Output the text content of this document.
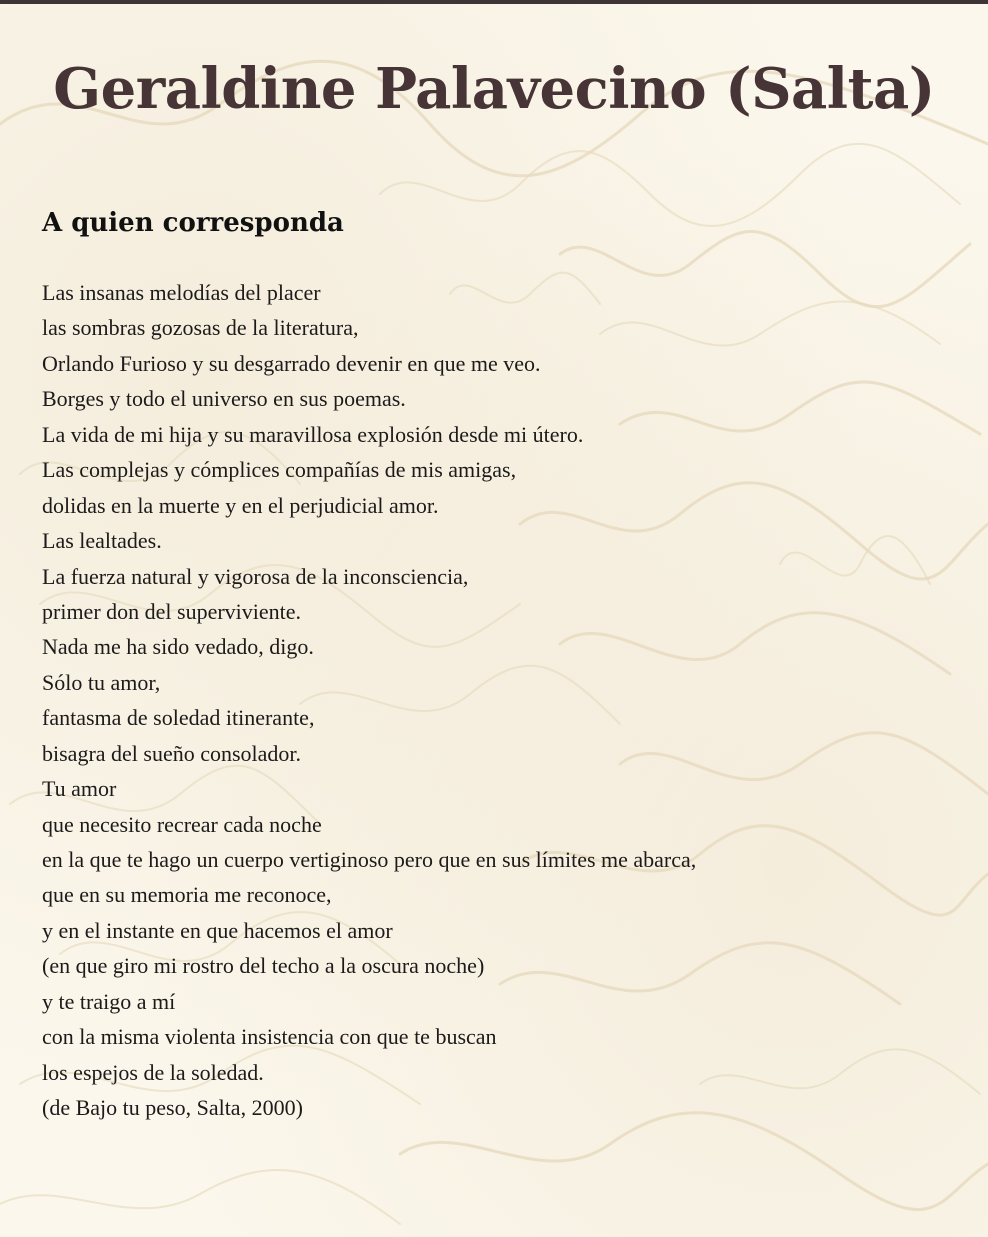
Geraldine Palavecino (Salta)
A quien corresponda
Las insanas melodías del placer
las sombras gozosas de la literatura,
Orlando Furioso y su desgarrado devenir en que me veo.
Borges y todo el universo en sus poemas.
La vida de mi hija y su maravillosa explosión desde mi útero.
Las complejas y cómplices compañías de mis amigas,
dolidas en la muerte y en el perjudicial amor.
Las lealtades.
La fuerza natural y vigorosa de la inconsciencia,
primer don del superviviente.
Nada me ha sido vedado, digo.
Sólo tu amor,
fantasma de soledad itinerante,
bisagra del sueño consolador.
Tu amor
que necesito recrear cada noche
en la que te hago un cuerpo vertiginoso pero que en sus límites me abarca,
que en su memoria me reconoce,
y en el instante en que hacemos el amor
(en que giro mi rostro del techo a la oscura noche)
y te traigo a mí
con la misma violenta insistencia con que te buscan
los espejos de la soledad.
(de Bajo tu peso, Salta, 2000)
